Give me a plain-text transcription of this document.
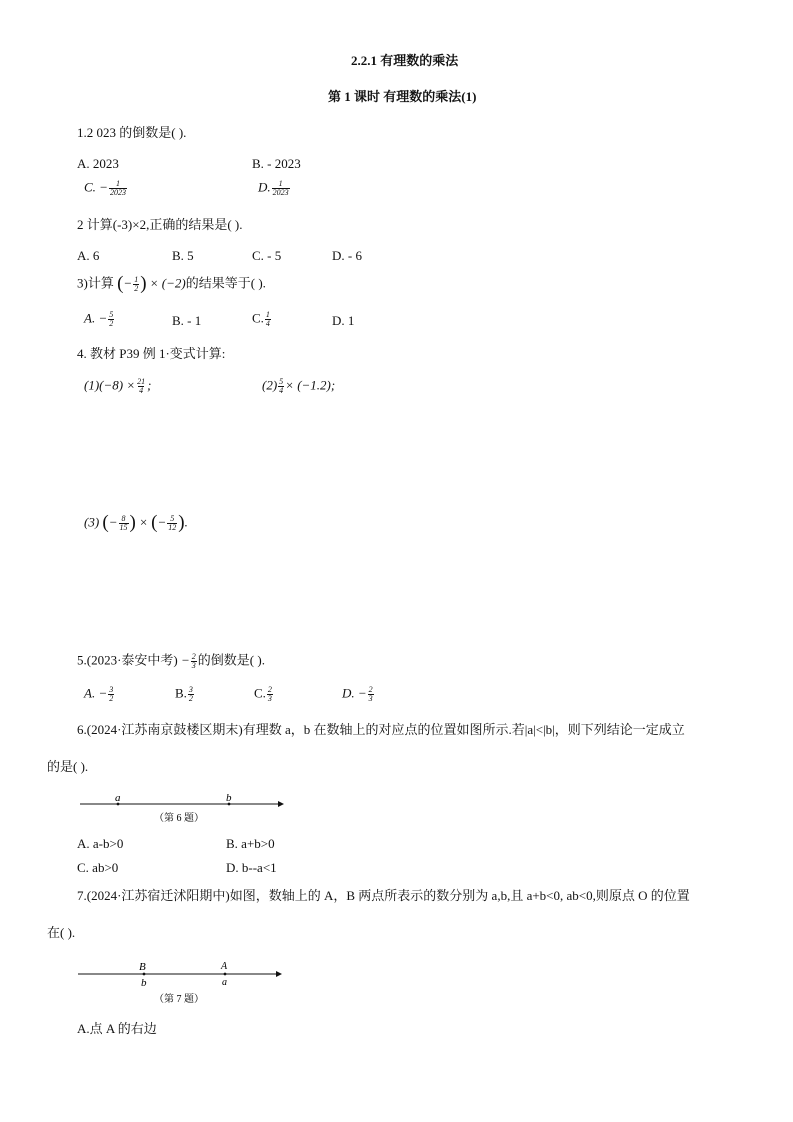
2.2.1 有理数的乘法
第 1 课时 有理数的乘法(1)
1.2 023 的倒数是( ).
A. 2023	B. - 2023
C. − $\frac{1}{2023}$	D. $\frac{1}{2023}$
2 计算(-3)×2,正确的结果是( ).
A. 6	B. 5	C. - 5	D. - 6
3)计算 (− $\frac{1}{2}$ ) × (−2)的结果等于( ).
A. − $\frac{5}{2}$	B. - 1	C. $\frac{1}{4}$	D. 1
4. 教材 P39 例 1·变式计算:
$(1)(-8) \times \frac{21}{4}$ ;	$(2) \frac{5}{4} \times (-1.2)$;
(3) (− $\frac{8}{15}$ ) × (− $\frac{5}{12}$ ).
5.(2023·泰安中考) − $\frac{2}{3}$ 的倒数是( ).
A. − $\frac{3}{2}$	B. $\frac{3}{2}$	C. $\frac{2}{3}$	D. − $\frac{2}{3}$
6.(2024·江苏南京鼓楼区期末)有理数 a，b 在数轴上的对应点的位置如图所示.若|a|<|b|，则下列结论一定成立
的是( ).
a	b
（第 6 题）
A. a-b>0	B. a+b>0
C. ab>0	D. b--a<1
7.(2024·江苏宿迁沭阳期中)如图，数轴上的 A，B 两点所表示的数分别为 a,b,且 a+b<0, ab<0,则原点 O 的位置
在( ).
B
b
A
a
（第 7 题）
A.点 A 的右边
